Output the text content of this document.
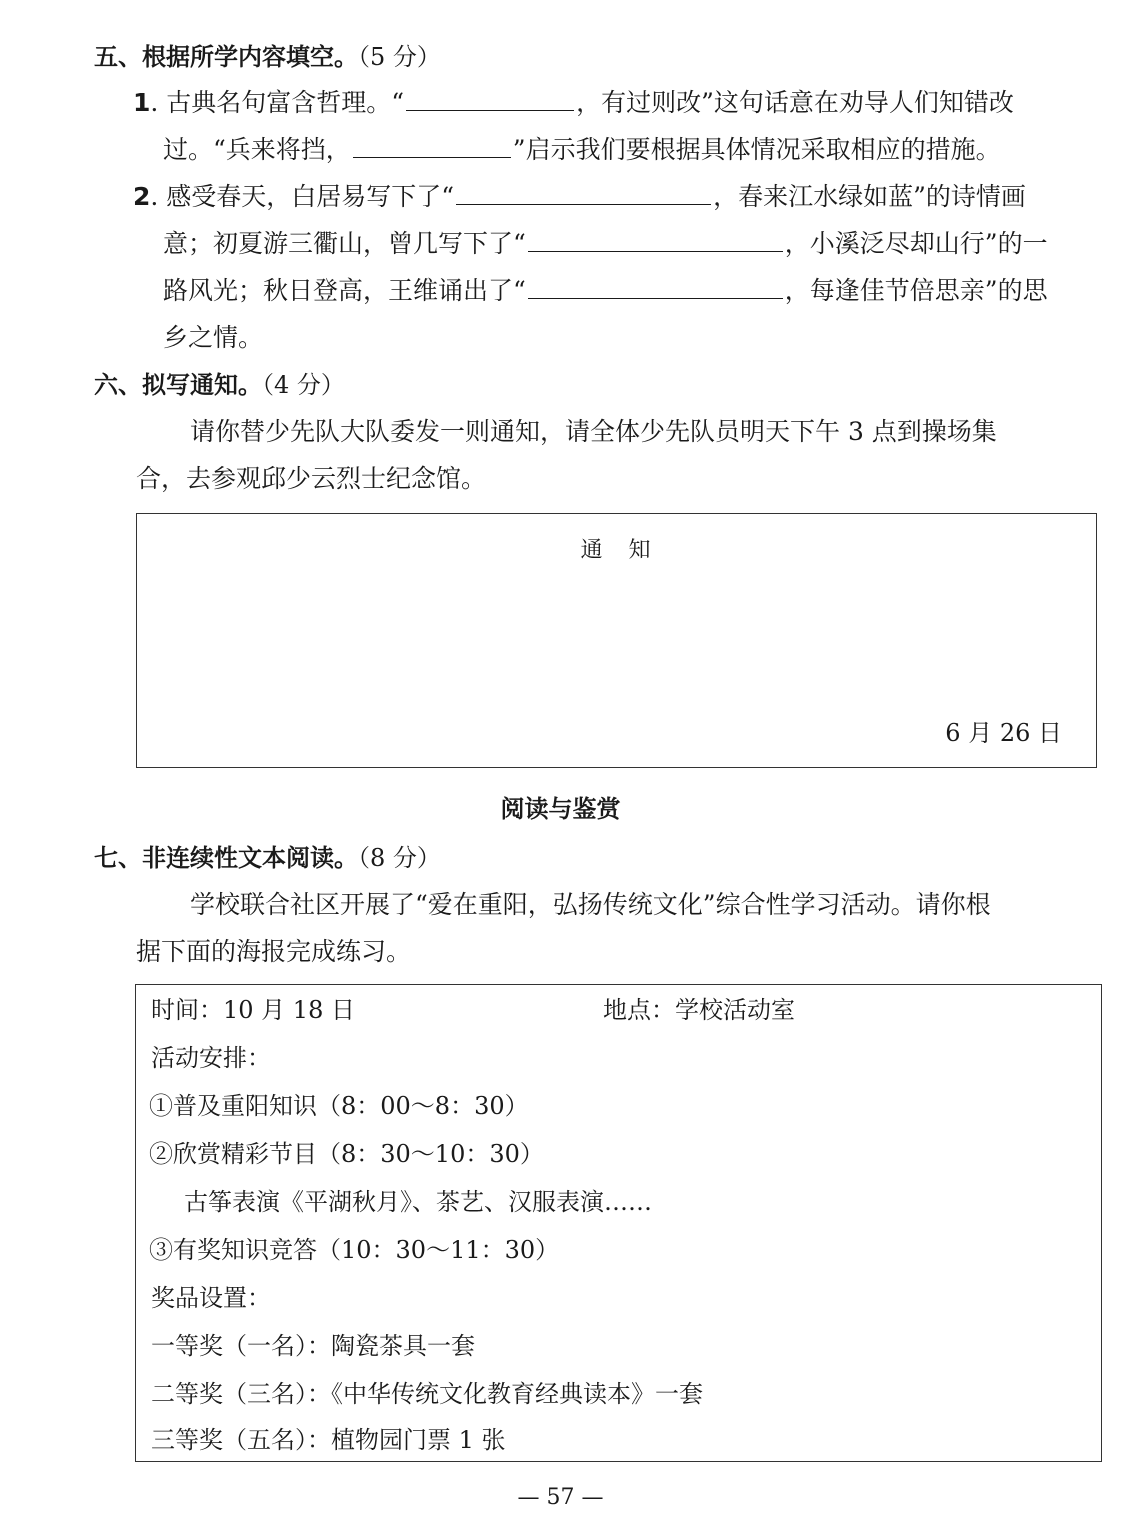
五、根据所学内容填空。（5 分）
1. 古典名句富含哲理。“	，有过则改”这句话意在劝导人们知错改
过。“兵来将挡，	”启示我们要根据具体情况采取相应的措施。
2. 感受春天，白居易写下了“	，春来江水绿如蓝”的诗情画
意；初夏游三衢山，曾几写下了“	，小溪泛尽却山行”的一
路风光；秋日登高，王维诵出了“	，每逢佳节倍思亲”的思
乡之情。
六、拟写通知。（4 分）
请你替少先队大队委发一则通知，请全体少先队员明天下午 3 点到操场集
合，去参观邱少云烈士纪念馆。
通　知
6 月 26 日
阅读与鉴赏
七、非连续性文本阅读。（8 分）
学校联合社区开展了“爱在重阳，弘扬传统文化”综合性学习活动。请你根
据下面的海报完成练习。
时间：10 月 18 日	地点：学校活动室
活动安排：
①普及重阳知识（8：00～8：30）
②欣赏精彩节目（8：30～10：30）
古筝表演《平湖秋月》、茶艺、汉服表演……
③有奖知识竞答（10：30～11：30）
奖品设置：
一等奖（一名）：陶瓷茶具一套
二等奖（三名）：《中华传统文化教育经典读本》一套
三等奖（五名）：植物园门票 1 张
— 57 —
